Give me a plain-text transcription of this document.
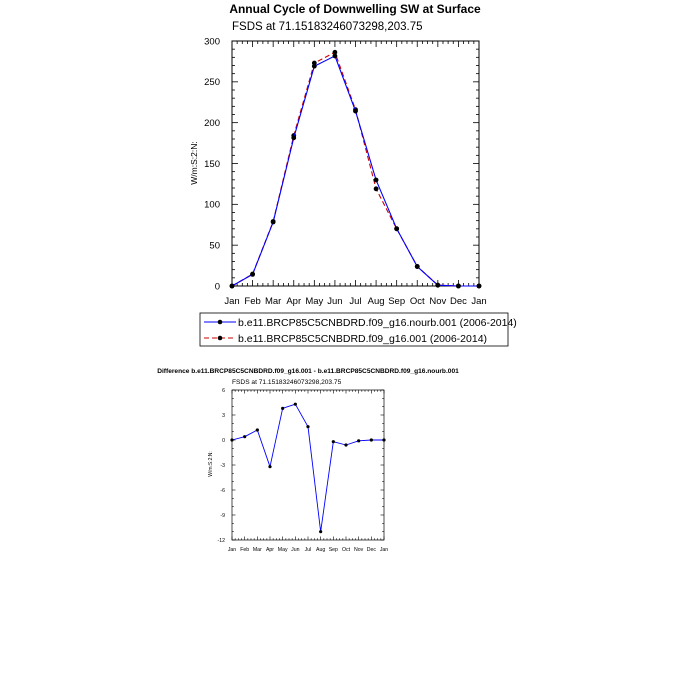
Annual Cycle of Downwelling SW at Surface
FSDS at 71.15183246073298,203.75
W/m:S:2:N:
0
50
100
150
200
250
300
Jan Feb Mar Apr May Jun Jul Aug Sep Oct Nov Dec Jan
b.e11.BRCP85C5CNBDRD.f09_g16.nourb.001 (2006-2014)
b.e11.BRCP85C5CNBDRD.f09_g16.001 (2006-2014)
Difference b.e11.BRCP85C5CNBDRD.f09_g16.001 - b.e11.BRCP85C5CNBDRD.f09_g16.nourb.001
FSDS at 71.15183246073298,203.75
W/m:S:2:N:
-12
-9
-6
-3
0
3
6
Jan Feb Mar Apr May Jun Jul Aug Sep Oct Nov Dec Jan
